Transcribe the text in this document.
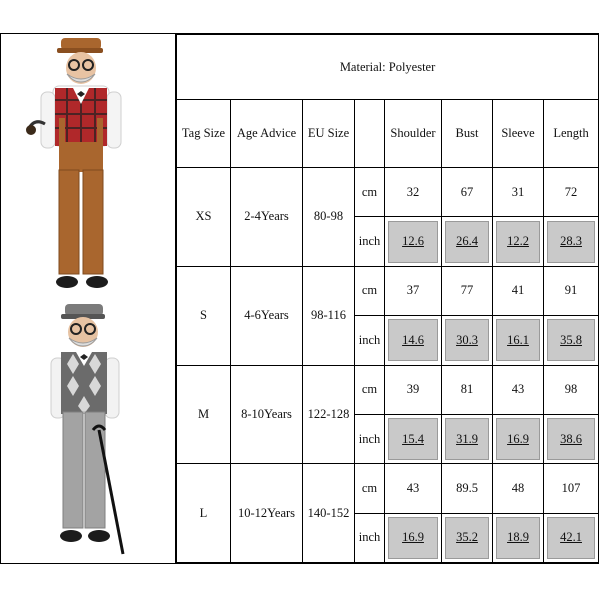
Material: Polyester							
Tag Size	Age Advice	EU Size		Shoulder	Bust	Sleeve	Length
XS	2-4Years	80-98	cm	32	67	31	72
			inch	12.6	26.4	12.2	28.3

S	4-6Years	98-116	cm	37	77	41	91
			inch	14.6	30.3	16.1	35.8

M	8-10Years	122-128	cm	39	81	43	98
			inch	15.4	31.9	16.9	38.6

L	10-12Years	140-152	cm	43	89.5	48	107
			inch	16.9	35.2	18.9	42.1
